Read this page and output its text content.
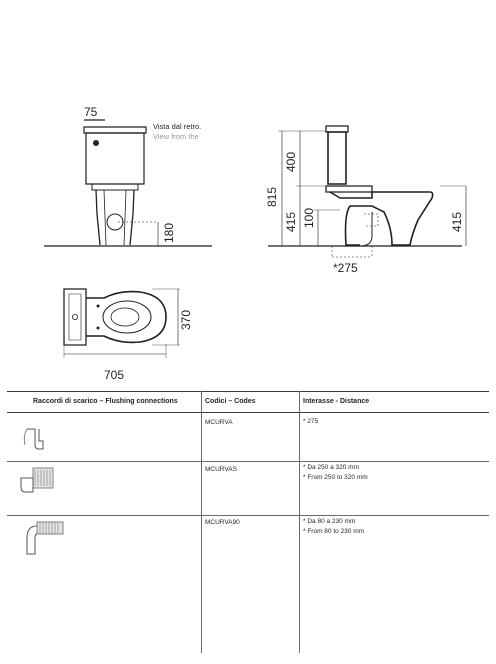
75
Vista dal retro.
View from the
180
815
400
415 100	415
*275
370
705
Raccordi di scarico – Flushing connections	Codici – Codes	Interasse - Distance
MCURVA	* 275
MCURVAS	* Da 250 a 320 mm
* From 250 to 320 mm
MCURVA90	* Da 80 a 230 mm
* From 80 to 230 mm
